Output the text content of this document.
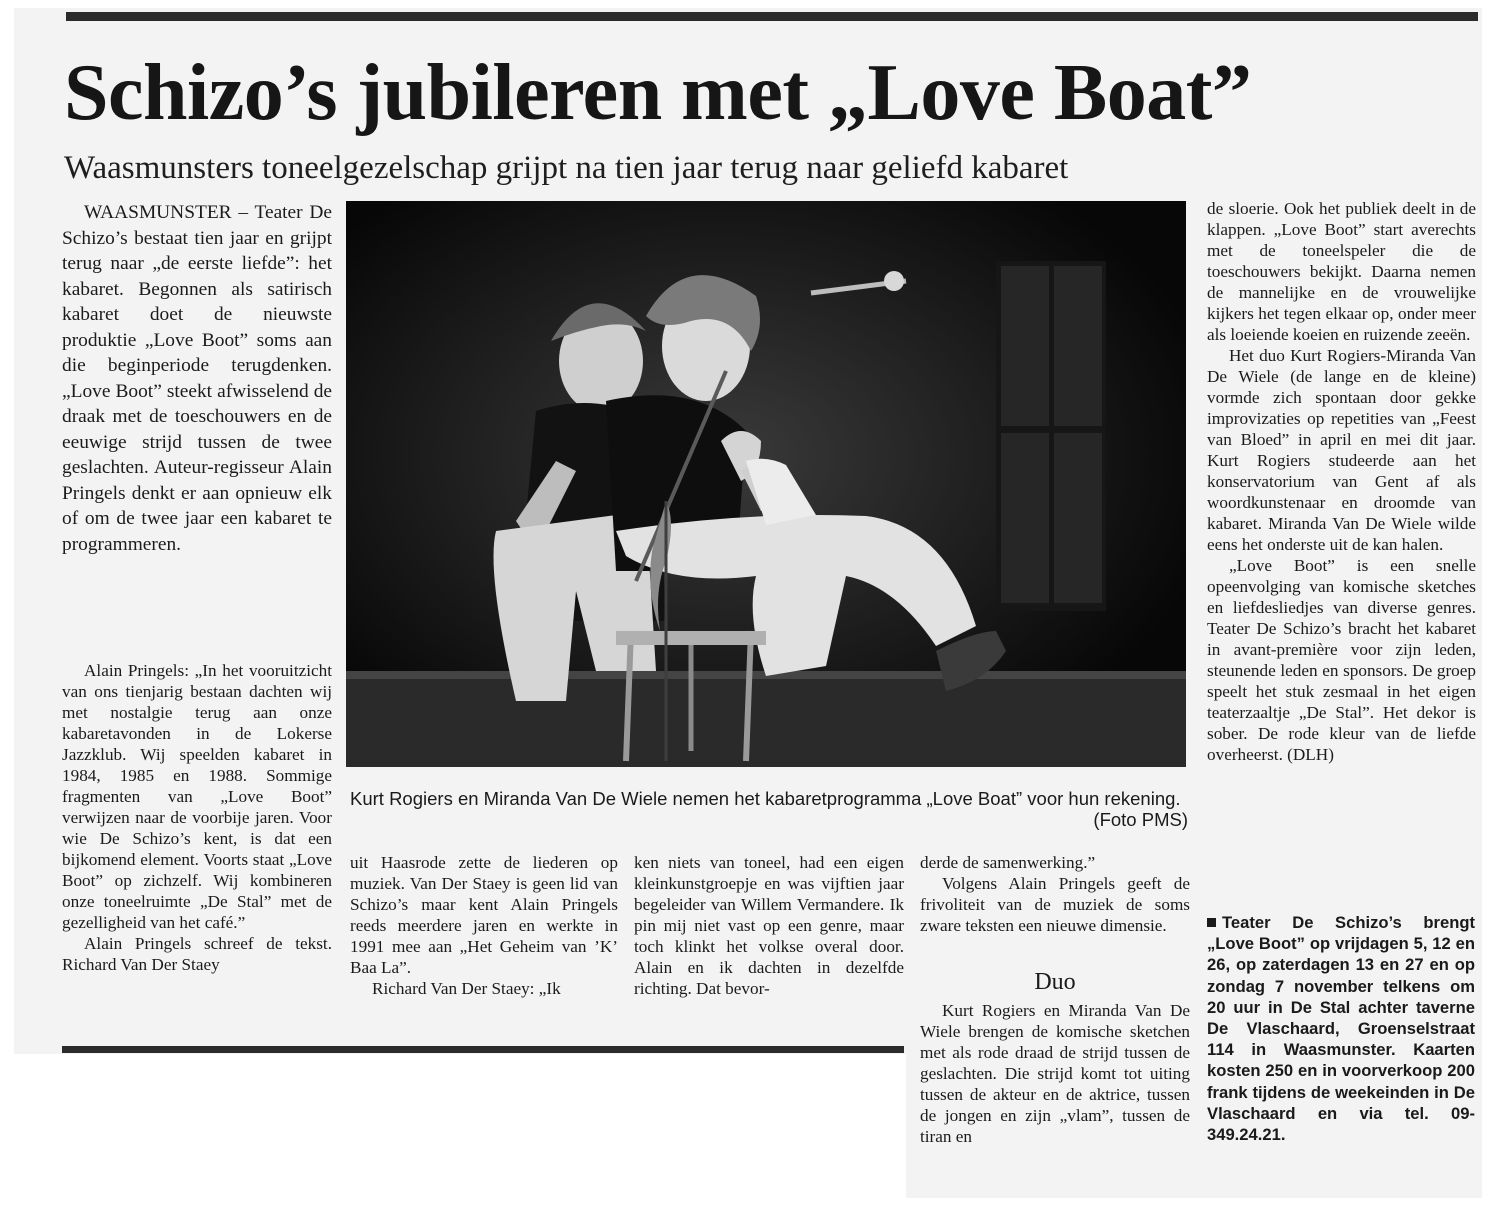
Schizo’s jubileren met „Love Boat”
Waasmunsters toneelgezelschap grijpt na tien jaar terug naar geliefd kabaret

WAASMUNSTER – Teater De Schizo’s bestaat tien jaar en grijpt terug naar „de eerste liefde”: het kabaret. Begonnen als satirisch kabaret doet de nieuwste produktie „Love Boot” soms aan die beginperiode terugdenken. „Love Boot” steekt afwisselend de draak met de toeschouwers en de eeuwige strijd tussen de twee geslachten. Auteur-regisseur Alain Pringels denkt er aan opnieuw elk of om de twee jaar een kabaret te programmeren.

Alain Pringels: „In het vooruitzicht van ons tienjarig bestaan dachten wij met nostalgie terug aan onze kabaretavonden in de Lokerse Jazzklub. Wij speelden kabaret in 1984, 1985 en 1988. Sommige fragmenten van „Love Boot” verwijzen naar de voorbije jaren. Voor wie De Schizo’s kent, is dat een bijkomend element. Voorts staat „Love Boot” op zichzelf. Wij kombineren onze toneelruimte „De Stal” met de gezelligheid van het café.”

Alain Pringels schreef de tekst. Richard Van Der Staey

Kurt Rogiers en Miranda Van De Wiele nemen het kabaretprogramma „Love Boat” voor hun rekening.
(Foto PMS)

de sloerie. Ook het publiek deelt in de klappen. „Love Boot” start averechts met de toneelspeler die de toeschouwers bekijkt. Daarna nemen de mannelijke en de vrouwelijke kijkers het tegen elkaar op, onder meer als loeiende koeien en ruizende zeeën.

Het duo Kurt Rogiers-Miranda Van De Wiele (de lange en de kleine) vormde zich spontaan door gekke improvizaties op repetities van „Feest van Bloed” in april en mei dit jaar. Kurt Rogiers studeerde aan het konservatorium van Gent af als woordkunstenaar en droomde van kabaret. Miranda Van De Wiele wilde eens het onderste uit de kan halen.

„Love Boot” is een snelle opeenvolging van komische sketches en liefdesliedjes van diverse genres. Teater De Schizo’s bracht het kabaret in avant-première voor zijn leden, steunende leden en sponsors. De groep speelt het stuk zesmaal in het eigen teaterzaaltje „De Stal”. Het dekor is sober. De rode kleur van de liefde overheerst. (DLH)

uit Haasrode zette de liederen op muziek. Van Der Staey is geen lid van Schizo’s maar kent Alain Pringels reeds meerdere jaren en werkte in 1991 mee aan „Het Geheim van ’K’ Baa La”.

Richard Van Der Staey: „Ik

ken niets van toneel, had een eigen kleinkunstgroepje en was vijftien jaar begeleider van Willem Vermandere. Ik pin mij niet vast op een genre, maar toch klinkt het volkse overal door. Alain en ik dachten in dezelfde richting. Dat bevor-

derde de samenwerking.”

Volgens Alain Pringels geeft de frivoliteit van de muziek de soms zware teksten een nieuwe dimensie.

Duo

Kurt Rogiers en Miranda Van De Wiele brengen de komische sketchen met als rode draad de strijd tussen de geslachten. Die strijd komt tot uiting tussen de akteur en de aktrice, tussen de jongen en zijn „vlam”, tussen de tiran en

Teater De Schizo’s brengt „Love Boot” op vrijdagen 5, 12 en 26, op zaterdagen 13 en 27 en op zondag 7 november telkens om 20 uur in De Stal achter taverne De Vlaschaard, Groenselstraat 114 in Waasmunster. Kaarten kosten 250 en in voorverkoop 200 frank tijdens de weekeinden in De Vlaschaard en via tel. 09-349.24.21.
